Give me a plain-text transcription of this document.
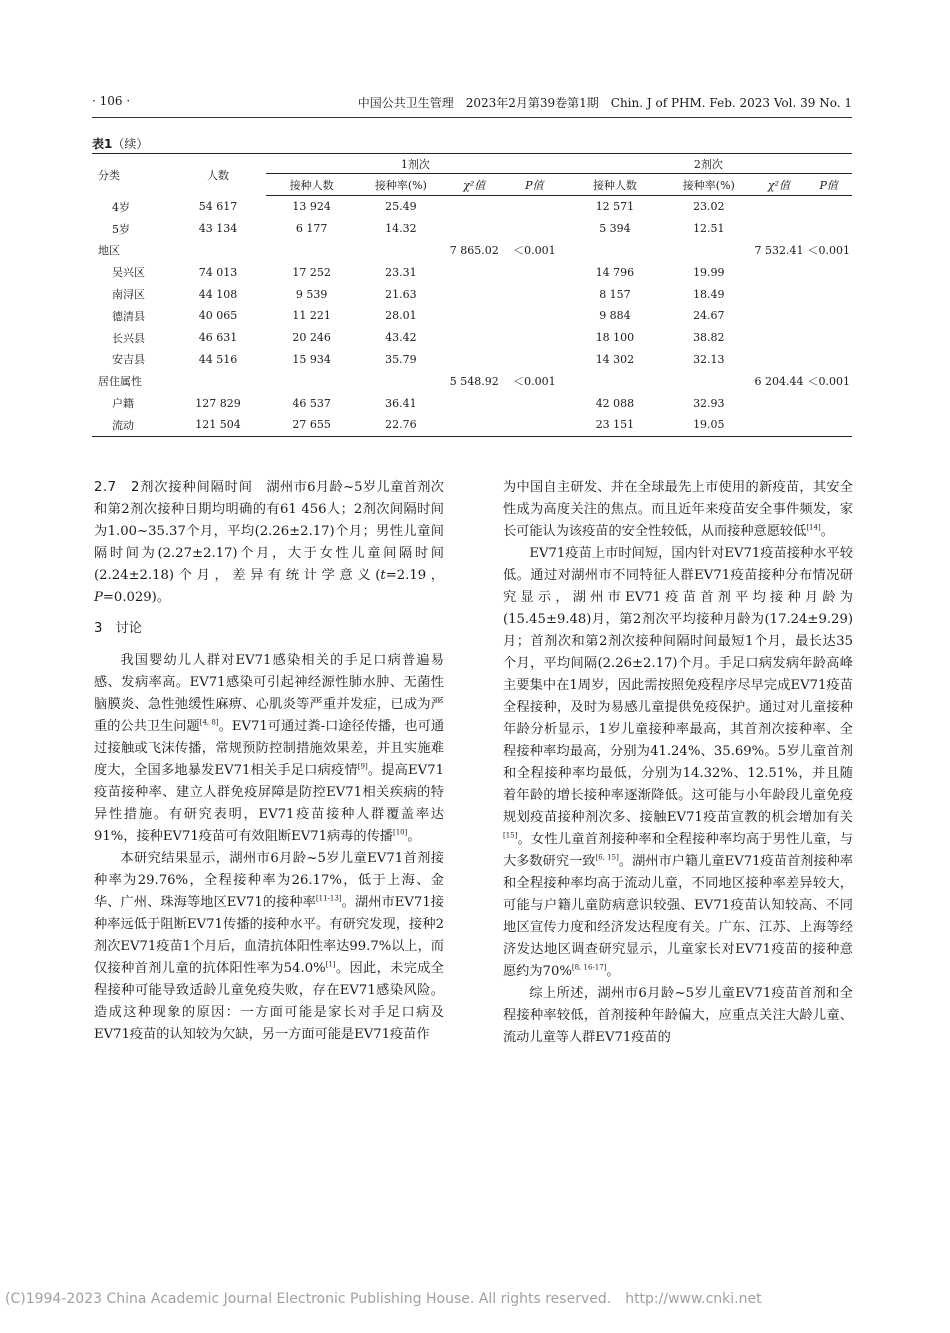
· 106 ·	中国公共卫生管理　2023年2月第39卷第1期　Chin. J of PHM. Feb. 2023 Vol. 39 No. 1
表1（续）
分类	人数	1剂次				2剂次			
		接种人数	接种率(%)	χ²值	P值	接种人数	接种率(%)	χ²值	P值
4岁	54 617	13 924	25.49			12 571	23.02		
5岁	43 134	6 177	14.32			5 394	12.51		
地区				7 865.02	＜0.001			7 532.41	＜0.001
吴兴区	74 013	17 252	23.31			14 796	19.99		
南浔区	44 108	9 539	21.63			8 157	18.49		
德清县	40 065	11 221	28.01			9 884	24.67		
长兴县	46 631	20 246	43.42			18 100	38.82		
安吉县	44 516	15 934	35.79			14 302	32.13		
居住属性				5 548.92	＜0.001			6 204.44	＜0.001
户籍	127 829	46 537	36.41			42 088	32.93		
流动	121 504	27 655	22.76			23 151	19.05		

2.7　2剂次接种间隔时间　湖州市6月龄~5岁儿童首剂次和第2剂次接种日期均明确的有61 456人；2剂次间隔时间为1.00~35.37个月，平均(2.26±2.17)个月；男性儿童间隔时间为(2.27±2.17)个月，大于女性儿童间隔时间(2.24±2.18)个月，差异有统计学意义(t=2.19，P=0.029)。

3　讨论

我国婴幼儿人群对EV71感染相关的手足口病普遍易感、发病率高。EV71感染可引起神经源性肺水肿、无菌性脑膜炎、急性弛缓性麻痹、心肌炎等严重并发症，已成为严重的公共卫生问题[4, 8]。EV71可通过粪-口途径传播，也可通过接触或飞沫传播，常规预防控制措施效果差，并且实施难度大，全国多地暴发EV71相关手足口病疫情[9]。提高EV71疫苗接种率、建立人群免疫屏障是防控EV71相关疾病的特异性措施。有研究表明，EV71疫苗接种人群覆盖率达91%，接种EV71疫苗可有效阻断EV71病毒的传播[10]。

本研究结果显示，湖州市6月龄~5岁儿童EV71首剂接种率为29.76%，全程接种率为26.17%，低于上海、金华、广州、珠海等地区EV71的接种率[11-13]。湖州市EV71接种率远低于阻断EV71传播的接种水平。有研究发现，接种2剂次EV71疫苗1个月后，血清抗体阳性率达99.7%以上，而仅接种首剂儿童的抗体阳性率为54.0%[1]。因此，未完成全程接种可能导致适龄儿童免疫失败，存在EV71感染风险。造成这种现象的原因：一方面可能是家长对手足口病及EV71疫苗的认知较为欠缺，另一方面可能是EV71疫苗作

为中国自主研发、并在全球最先上市使用的新疫苗，其安全性成为高度关注的焦点。而且近年来疫苗安全事件频发，家长可能认为该疫苗的安全性较低，从而接种意愿较低[14]。

EV71疫苗上市时间短，国内针对EV71疫苗接种水平较低。通过对湖州市不同特征人群EV71疫苗接种分布情况研究显示，湖州市EV71疫苗首剂平均接种月龄为(15.45±9.48)月，第2剂次平均接种月龄为(17.24±9.29)月；首剂次和第2剂次接种间隔时间最短1个月，最长达35个月，平均间隔(2.26±2.17)个月。手足口病发病年龄高峰主要集中在1周岁，因此需按照免疫程序尽早完成EV71疫苗全程接种，及时为易感儿童提供免疫保护。通过对儿童接种年龄分析显示，1岁儿童接种率最高，其首剂次接种率、全程接种率均最高，分别为41.24%、35.69%。5岁儿童首剂和全程接种率均最低，分别为14.32%、12.51%，并且随着年龄的增长接种率逐渐降低。这可能与小年龄段儿童免疫规划疫苗接种剂次多、接触EV71疫苗宣教的机会增加有关[15]。女性儿童首剂接种率和全程接种率均高于男性儿童，与大多数研究一致[6, 15]。湖州市户籍儿童EV71疫苗首剂接种率和全程接种率均高于流动儿童，不同地区接种率差异较大，可能与户籍儿童防病意识较强、EV71疫苗认知较高、不同地区宣传力度和经济发达程度有关。广东、江苏、上海等经济发达地区调查研究显示，儿童家长对EV71疫苗的接种意愿约为70%[8, 16-17]。

综上所述，湖州市6月龄~5岁儿童EV71疫苗首剂和全程接种率较低，首剂接种年龄偏大，应重点关注大龄儿童、流动儿童等人群EV71疫苗的

(C)1994-2023 China Academic Journal Electronic Publishing House. All rights reserved.　http://www.cnki.net
